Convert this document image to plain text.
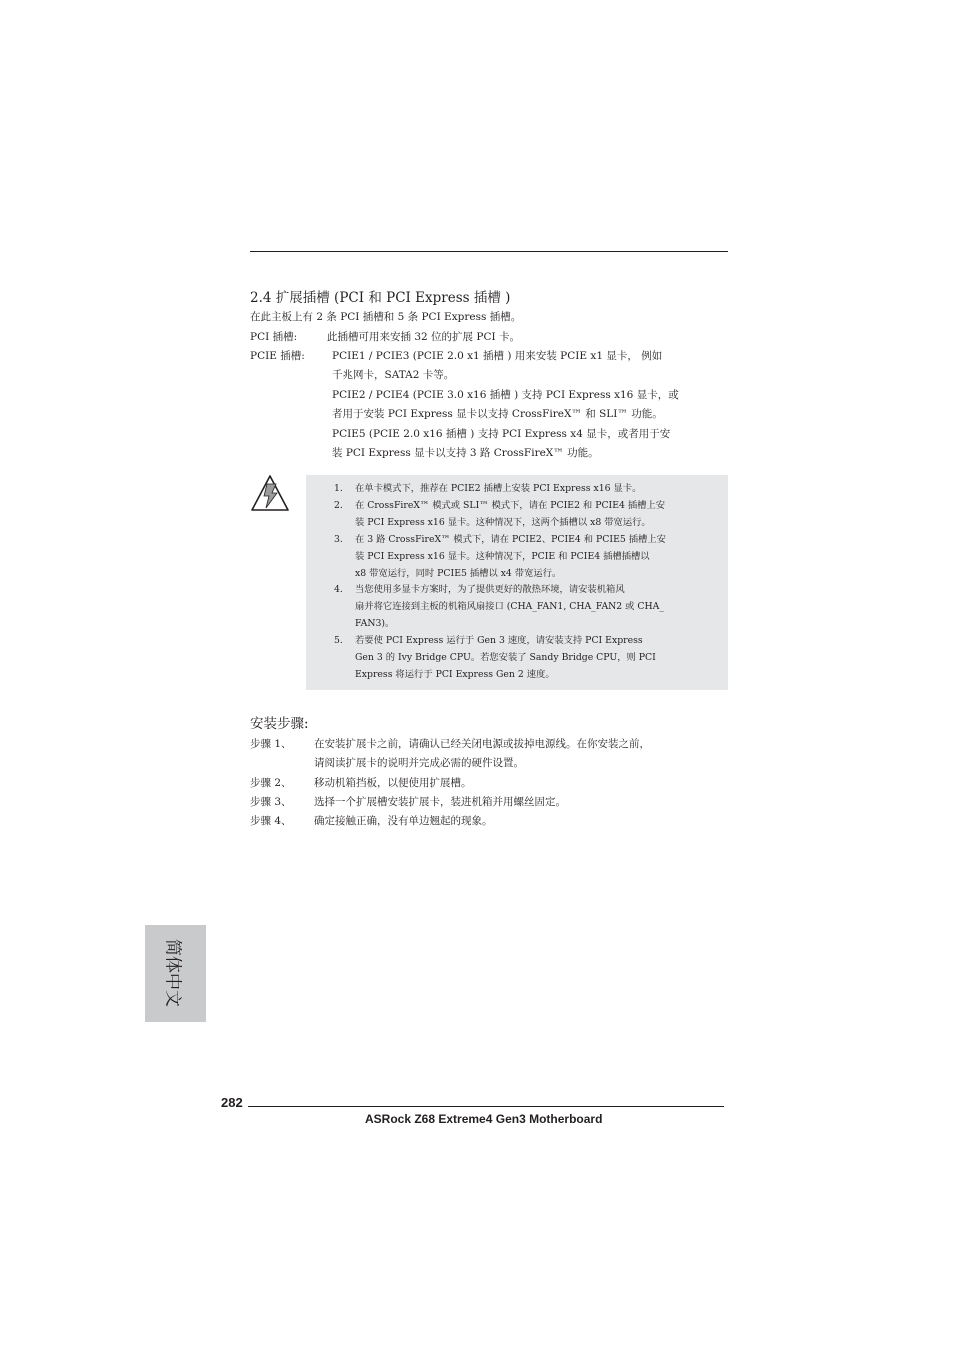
2.4 扩展插槽 (PCI 和 PCI Express 插槽 )
在此主板上有 2 条 PCI 插槽和 5 条 PCI Express 插槽。
PCI 插槽:	此插槽可用来安插 32 位的扩展 PCI 卡。
PCIE 插槽:	PCIE1 / PCIE3 (PCIE 2.0 x1 插槽 ) 用来安装 PCIE x1 显卡， 例如
千兆网卡，SATA2 卡等。
PCIE2 / PCIE4 (PCIE 3.0 x16 插槽 ) 支持 PCI Express x16 显卡，或
者用于安装 PCI Express 显卡以支持 CrossFireX™ 和 SLI™ 功能。
PCIE5 (PCIE 2.0 x16 插槽 ) 支持 PCI Express x4 显卡，或者用于安
装 PCI Express 显卡以支持 3 路 CrossFireX™ 功能。
1. 在单卡模式下，推荐在 PCIE2 插槽上安装 PCI Express x16 显卡。
2. 在 CrossFireX™ 模式或 SLI™ 模式下，请在 PCIE2 和 PCIE4 插槽上安
装 PCI Express x16 显卡。这种情况下，这两个插槽以 x8 带宽运行。
3. 在 3 路 CrossFireX™ 模式下，请在 PCIE2、PCIE4 和 PCIE5 插槽上安
装 PCI Express x16 显卡。这种情况下，PCIE 和 PCIE4 插槽插槽以
x8 带宽运行，同时 PCIE5 插槽以 x4 带宽运行。
4. 当您使用多显卡方案时，为了提供更好的散热环境，请安装机箱风
扇并将它连接到主板的机箱风扇接口 (CHA_FAN1, CHA_FAN2 或 CHA_
FAN3)。
5. 若要使 PCI Express 运行于 Gen 3 速度，请安装支持 PCI Express
Gen 3 的 Ivy Bridge CPU。若您安装了 Sandy Bridge CPU，则 PCI
Express 将运行于 PCI Express Gen 2 速度。
安装步骤:
步骤 1、 在安装扩展卡之前，请确认已经关闭电源或拔掉电源线。在你安装之前，
请阅读扩展卡的说明并完成必需的硬件设置。
步骤 2、 移动机箱挡板，以便使用扩展槽。
步骤 3、 选择一个扩展槽安装扩展卡，装进机箱并用螺丝固定。
步骤 4、 确定接触正确，没有单边翘起的现象。
简体中文
282
ASRock Z68 Extreme4 Gen3 Motherboard
